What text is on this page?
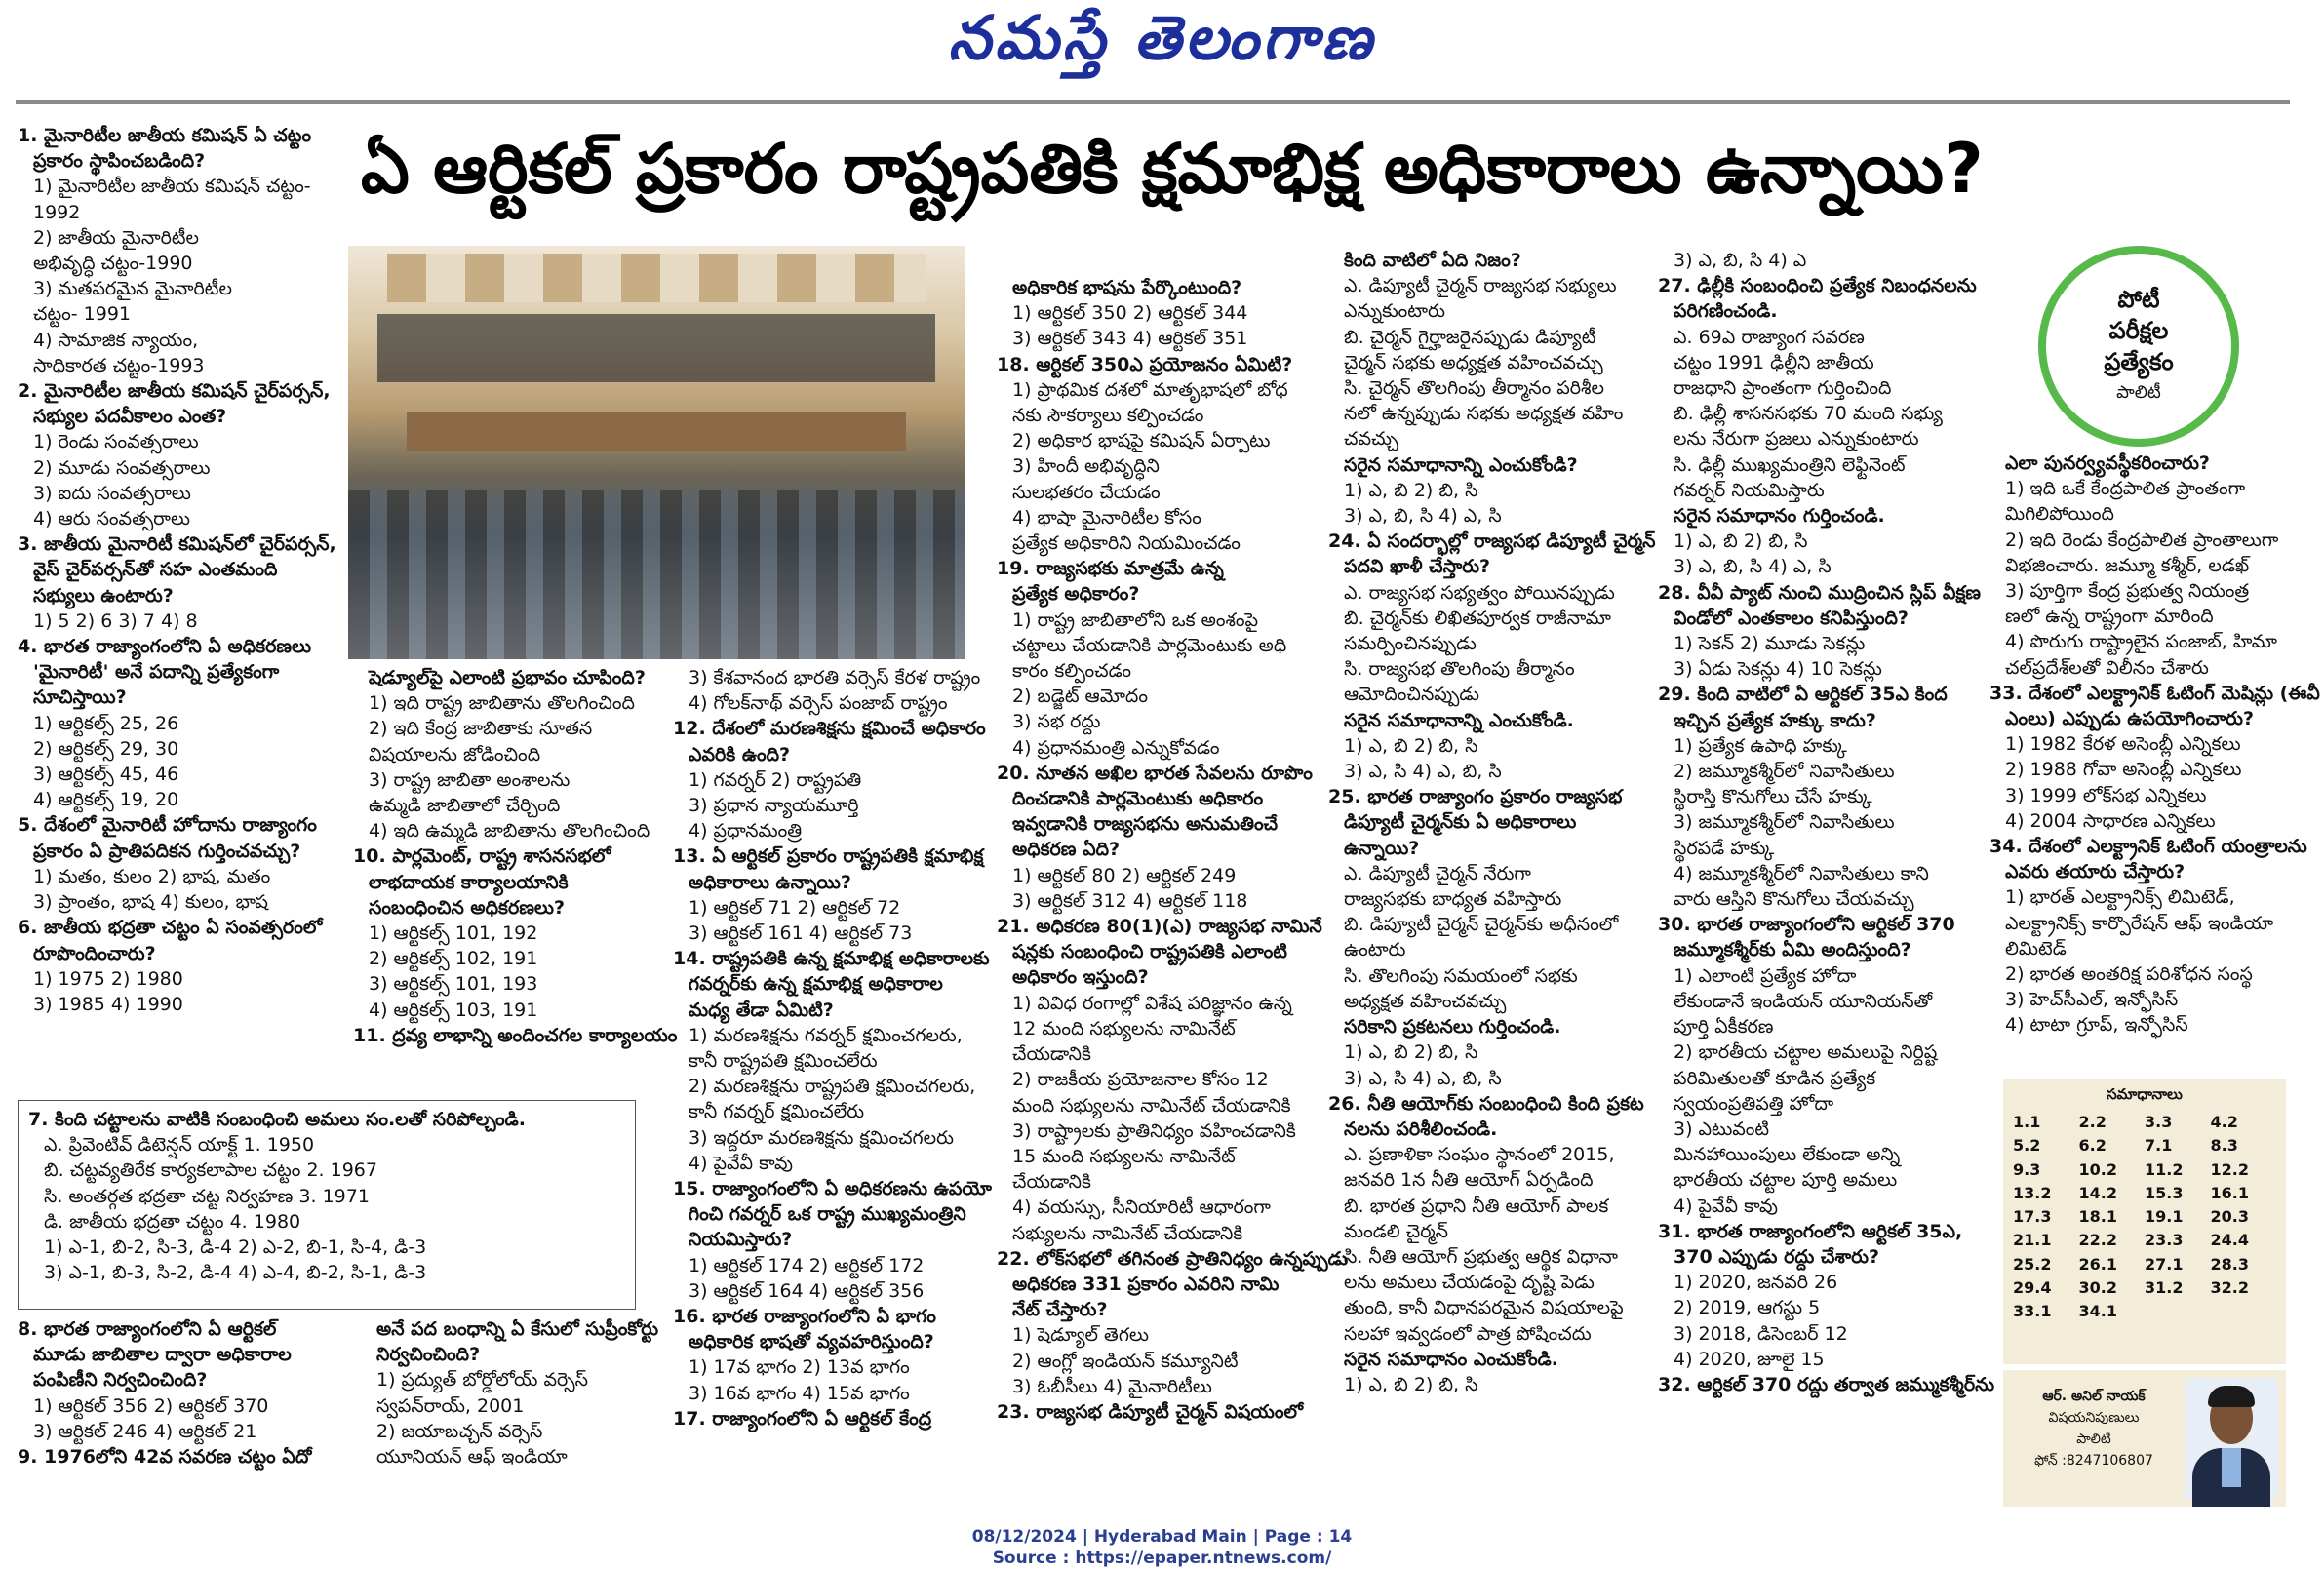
నమస్తే తెలంగాణ
ఏ ఆర్టికల్ ప్రకారం రాష్ట్రపతికి క్షమాభిక్ష అధికారాలు ఉన్నాయి?

1. మైనారిటీల జాతీయ కమిషన్ ఏ చట్టం

ప్రకారం స్థాపించబడింది?

1) మైనారిటీల జాతీయ కమిషన్ చట్టం-

1992

2) జాతీయ మైనారిటీల

అభివృద్ధి చట్టం-1990

3) మతపరమైన మైనారిటీల

చట్టం- 1991

4) సామాజిక న్యాయం,

సాధికారత చట్టం-1993

2. మైనారిటీల జాతీయ కమిషన్ చైర్‌పర్సన్,

సభ్యుల పదవీకాలం ఎంత?

1) రెండు సంవత్సరాలు

2) మూడు సంవత్సరాలు

3) ఐదు సంవత్సరాలు

4) ఆరు సంవత్సరాలు

3. జాతీయ మైనారిటీ కమిషన్‌లో చైర్‌పర్సన్,

వైస్ చైర్‌పర్సన్‌తో సహ ఎంతమంది

సభ్యులు ఉంటారు?

1) 5 2) 6 3) 7 4) 8

4. భారత రాజ్యాంగంలోని ఏ అధికరణలు

'మైనారిటీ' అనే పదాన్ని ప్రత్యేకంగా

సూచిస్తాయి?

1) ఆర్టికల్స్ 25, 26

2) ఆర్టికల్స్ 29, 30

3) ఆర్టికల్స్ 45, 46

4) ఆర్టికల్స్ 19, 20

5. దేశంలో మైనారిటీ హోదాను రాజ్యాంగం

ప్రకారం ఏ ప్రాతిపదికన గుర్తించవచ్చు?

1) మతం, కులం 2) భాష, మతం

3) ప్రాంతం, భాష 4) కులం, భాష

6. జాతీయ భద్రతా చట్టం ఏ సంవత్సరంలో

రూపొందించారు?

1) 1975 2) 1980

3) 1985 4) 1990

7. కింది చట్టాలను వాటికి సంబంధించి అమలు సం.లతో సరిపోల్చండి.

ఎ. ప్రివెంటివ్ డిటెన్షన్ యాక్ట్ 1. 1950

బి. చట్టవ్యతిరేక కార్యకలాపాల చట్టం 2. 1967

సి. అంతర్గత భద్రతా చట్ట నిర్వహణ 3. 1971

డి. జాతీయ భద్రతా చట్టం 4. 1980

1) ఎ-1, బి-2, సి-3, డి-4 2) ఎ-2, బి-1, సి-4, డి-3

3) ఎ-1, బి-3, సి-2, డి-4 4) ఎ-4, బి-2, సి-1, డి-3

8. భారత రాజ్యాంగంలోని ఏ ఆర్టికల్

మూడు జాబితాల ద్వారా అధికారాల

పంపిణీని నిర్వచించింది?

1) ఆర్టికల్ 356 2) ఆర్టికల్ 370

3) ఆర్టికల్ 246 4) ఆర్టికల్ 21

9. 1976లోని 42వ సవరణ చట్టం ఏదో

షెడ్యూల్‌పై ఎలాంటి ప్రభావం చూపింది?

1) ఇది రాష్ట్ర జాబితాను తొలగించింది

2) ఇది కేంద్ర జాబితాకు నూతన

విషయాలను జోడించింది

3) రాష్ట్ర జాబితా అంశాలను

ఉమ్మడి జాబితాలో చేర్చింది

4) ఇది ఉమ్మడి జాబితాను తొలగించింది

10. పార్లమెంట్, రాష్ట్ర శాసనసభలో

లాభదాయక కార్యాలయానికి

సంబంధించిన అధికరణలు?

1) ఆర్టికల్స్ 101, 192

2) ఆర్టికల్స్ 102, 191

3) ఆర్టికల్స్ 101, 193

4) ఆర్టికల్స్ 103, 191

11. ద్రవ్య లాభాన్ని అందించగల కార్యాలయం

అనే పద బంధాన్ని ఏ కేసులో సుప్రీంకోర్టు

నిర్వచించింది?

1) ప్రద్యుత్ బోర్డోలోయ్ వర్సెస్

స్వపన్‌రాయ్, 2001

2) జయాబచ్చన్ వర్సెస్

యూనియన్ ఆఫ్ ఇండియా

3) కేశవానంద భారతి వర్సెస్ కేరళ రాష్ట్రం

4) గోలక్‌నాథ్ వర్సెస్ పంజాబ్ రాష్ట్రం

12. దేశంలో మరణశిక్షను క్షమించే అధికారం

ఎవరికి ఉంది?

1) గవర్నర్ 2) రాష్ట్రపతి

3) ప్రధాన న్యాయమూర్తి

4) ప్రధానమంత్రి

13. ఏ ఆర్టికల్ ప్రకారం రాష్ట్రపతికి క్షమాభిక్ష

అధికారాలు ఉన్నాయి?

1) ఆర్టికల్ 71 2) ఆర్టికల్ 72

3) ఆర్టికల్ 161 4) ఆర్టికల్ 73

14. రాష్ట్రపతికి ఉన్న క్షమాభిక్ష అధికారాలకు

గవర్నర్‌కు ఉన్న క్షమాభిక్ష అధికారాల

మధ్య తేడా ఏమిటి?

1) మరణశిక్షను గవర్నర్ క్షమించగలరు,

కానీ రాష్ట్రపతి క్షమించలేరు

2) మరణశిక్షను రాష్ట్రపతి క్షమించగలరు,

కానీ గవర్నర్ క్షమించలేరు

3) ఇద్దరూ మరణశిక్షను క్షమించగలరు

4) పైవేవీ కావు

15. రాజ్యాంగంలోని ఏ అధికరణను ఉపయో

గించి గవర్నర్ ఒక రాష్ట్ర ముఖ్యమంత్రిని

నియమిస్తారు?

1) ఆర్టికల్ 174 2) ఆర్టికల్ 172

3) ఆర్టికల్ 164 4) ఆర్టికల్ 356

16. భారత రాజ్యాంగంలోని ఏ భాగం

అధికారిక భాషతో వ్యవహరిస్తుంది?

1) 17వ భాగం 2) 13వ భాగం

3) 16వ భాగం 4) 15వ భాగం

17. రాజ్యాంగంలోని ఏ ఆర్టికల్ కేంద్ర

అధికారిక భాషను పేర్కొంటుంది?

1) ఆర్టికల్ 350 2) ఆర్టికల్ 344

3) ఆర్టికల్ 343 4) ఆర్టికల్ 351

18. ఆర్టికల్ 350ఎ ప్రయోజనం ఏమిటి?

1) ప్రాథమిక దశలో మాతృభాషలో బోధ

నకు సౌకర్యాలు కల్పించడం

2) అధికార భాషపై కమిషన్ ఏర్పాటు

3) హిందీ అభివృద్ధిని

సులభతరం చేయడం

4) భాషా మైనారిటీల కోసం

ప్రత్యేక అధికారిని నియమించడం

19. రాజ్యసభకు మాత్రమే ఉన్న

ప్రత్యేక అధికారం?

1) రాష్ట్ర జాబితాలోని ఒక అంశంపై

చట్టాలు చేయడానికి పార్లమెంటుకు అధి

కారం కల్పించడం

2) బడ్జెట్ ఆమోదం

3) సభ రద్దు

4) ప్రధానమంత్రి ఎన్నుకోవడం

20. నూతన అఖిల భారత సేవలను రూపొం

దించడానికి పార్లమెంటుకు అధికారం

ఇవ్వడానికి రాజ్యసభను అనుమతించే

అధికరణ ఏది?

1) ఆర్టికల్ 80 2) ఆర్టికల్ 249

3) ఆర్టికల్ 312 4) ఆర్టికల్ 118

21. అధికరణ 80(1)(ఎ) రాజ్యసభ నామినే

షన్లకు సంబంధించి రాష్ట్రపతికి ఎలాంటి

అధికారం ఇస్తుంది?

1) వివిధ రంగాల్లో విశేష పరిజ్ఞానం ఉన్న

12 మంది సభ్యులను నామినేట్

చేయడానికి

2) రాజకీయ ప్రయోజనాల కోసం 12

మంది సభ్యులను నామినేట్ చేయడానికి

3) రాష్ట్రాలకు ప్రాతినిధ్యం వహించడానికి

15 మంది సభ్యులను నామినేట్

చేయడానికి

4) వయస్సు, సీనియారిటీ ఆధారంగా

సభ్యులను నామినేట్ చేయడానికి

22. లోక్‌సభలో తగినంత ప్రాతినిధ్యం ఉన్నప్పుడు

అధికరణ 331 ప్రకారం ఎవరిని నామి

నేట్ చేస్తారు?

1) షెడ్యూల్ తెగలు

2) ఆంగ్లో ఇండియన్ కమ్యూనిటీ

3) ఓబీసీలు 4) మైనారిటీలు

23. రాజ్యసభ డిప్యూటీ చైర్మన్ విషయంలో

కింది వాటిలో ఏది నిజం?

ఎ. డిప్యూటీ చైర్మన్ రాజ్యసభ సభ్యులు

ఎన్నుకుంటారు

బి. చైర్మన్ గైర్హాజరైనప్పుడు డిప్యూటీ

చైర్మన్ సభకు అధ్యక్షత వహించవచ్చు

సి. చైర్మన్ తొలగింపు తీర్మానం పరిశీల

నలో ఉన్నప్పుడు సభకు అధ్యక్షత వహిం

చవచ్చు

సరైన సమాధానాన్ని ఎంచుకోండి?

1) ఎ, బి 2) బి, సి

3) ఎ, బి, సి 4) ఎ, సి

24. ఏ సందర్భాల్లో రాజ్యసభ డిప్యూటీ చైర్మన్

పదవి ఖాళీ చేస్తారు?

ఎ. రాజ్యసభ సభ్యత్వం పోయినప్పుడు

బి. చైర్మన్‌కు లిఖితపూర్వక రాజీనామా

సమర్పించినప్పుడు

సి. రాజ్యసభ తొలగింపు తీర్మానం

ఆమోదించినప్పుడు

సరైన సమాధానాన్ని ఎంచుకోండి.

1) ఎ, బి 2) బి, సి

3) ఎ, సి 4) ఎ, బి, సి

25. భారత రాజ్యాంగం ప్రకారం రాజ్యసభ

డిప్యూటీ చైర్మన్‌కు ఏ అధికారాలు

ఉన్నాయి?

ఎ. డిప్యూటీ చైర్మన్ నేరుగా

రాజ్యసభకు బాధ్యత వహిస్తారు

బి. డిప్యూటీ చైర్మన్ చైర్మన్‌కు అధీనంలో

ఉంటారు

సి. తొలగింపు సమయంలో సభకు

అధ్యక్షత వహించవచ్చు

సరికాని ప్రకటనలు గుర్తించండి.

1) ఎ, బి 2) బి, సి

3) ఎ, సి 4) ఎ, బి, సి

26. నీతి ఆయోగ్‌కు సంబంధించి కింది ప్రకట

నలను పరిశీలించండి.

ఎ. ప్రణాళికా సంఘం స్థానంలో 2015,

జనవరి 1న నీతి ఆయోగ్ ఏర్పడింది

బి. భారత ప్రధాని నీతి ఆయోగ్ పాలక

మండలి చైర్మన్

సి. నీతి ఆయోగ్ ప్రభుత్వ ఆర్థిక విధానా

లను అమలు చేయడంపై దృష్టి పెడు

తుంది, కానీ విధానపరమైన విషయాలపై

సలహా ఇవ్వడంలో పాత్ర పోషించదు

సరైన సమాధానం ఎంచుకోండి.

1) ఎ, బి 2) బి, సి

3) ఎ, బి, సి 4) ఎ

27. ఢిల్లీకి సంబంధించి ప్రత్యేక నిబంధనలను

పరిగణించండి.

ఎ. 69ఎ రాజ్యాంగ సవరణ

చట్టం 1991 ఢిల్లీని జాతీయ

రాజధాని ప్రాంతంగా గుర్తించింది

బి. ఢిల్లీ శాసనసభకు 70 మంది సభ్యు

లను నేరుగా ప్రజలు ఎన్నుకుంటారు

సి. ఢిల్లీ ముఖ్యమంత్రిని లెఫ్టినెంట్

గవర్నర్ నియమిస్తారు

సరైన సమాధానం గుర్తించండి.

1) ఎ, బి 2) బి, సి

3) ఎ, బి, సి 4) ఎ, సి

28. వీవీ ప్యాట్ నుంచి ముద్రించిన స్లిప్ వీక్షణ

విండోలో ఎంతకాలం కనిపిస్తుంది?

1) సెకన్ 2) మూడు సెకన్లు

3) ఏడు సెకన్లు 4) 10 సెకన్లు

29. కింది వాటిలో ఏ ఆర్టికల్ 35ఎ కింద

ఇచ్చిన ప్రత్యేక హక్కు కాదు?

1) ప్రత్యేక ఉపాధి హక్కు

2) జమ్మూకశ్మీర్‌లో నివాసితులు

స్థిరాస్తి కొనుగోలు చేసే హక్కు

3) జమ్మూకశ్మీర్‌లో నివాసితులు

స్థిరపడే హక్కు

4) జమ్మూకశ్మీర్‌లో నివాసితులు కాని

వారు ఆస్తిని కొనుగోలు చేయవచ్చు

30. భారత రాజ్యాంగంలోని ఆర్టికల్ 370

జమ్మూకశ్మీర్‌కు ఏమి అందిస్తుంది?

1) ఎలాంటి ప్రత్యేక హోదా

లేకుండానే ఇండియన్ యూనియన్‌తో

పూర్తి ఏకీకరణ

2) భారతీయ చట్టాల అమలుపై నిర్దిష్ట

పరిమితులతో కూడిన ప్రత్యేక

స్వయంప్రతిపత్తి హోదా

3) ఎటువంటి

మినహాయింపులు లేకుండా అన్ని

భారతీయ చట్టాల పూర్తి అమలు

4) పైవేవీ కావు

31. భారత రాజ్యాంగంలోని ఆర్టికల్ 35ఎ,

370 ఎప్పుడు రద్దు చేశారు?

1) 2020, జనవరి 26

2) 2019, ఆగస్టు 5

3) 2018, డిసెంబర్ 12

4) 2020, జూలై 15

32. ఆర్టికల్ 370 రద్దు తర్వాత జమ్ముకశ్మీర్‌ను

పోటీ
పరీక్షల
ప్రత్యేకం
పాలిటీ

ఎలా పునర్వ్యవస్థీకరించారు?

1) ఇది ఒకే కేంద్రపాలిత ప్రాంతంగా

మిగిలిపోయింది

2) ఇది రెండు కేంద్రపాలిత ప్రాంతాలుగా

విభజించారు. జమ్మూ కశ్మీర్, లడఖ్

3) పూర్తిగా కేంద్ర ప్రభుత్వ నియంత్ర

ణలో ఉన్న రాష్ట్రంగా మారింది

4) పొరుగు రాష్ట్రాలైన పంజాబ్, హిమా

చల్‌ప్రదేశ్‌లతో విలీనం చేశారు

33. దేశంలో ఎలక్ట్రానిక్ ఓటింగ్ మెషిన్లు (ఈవీ

ఎంలు) ఎప్పుడు ఉపయోగించారు?

1) 1982 కేరళ అసెంబ్లీ ఎన్నికలు

2) 1988 గోవా అసెంబ్లీ ఎన్నికలు

3) 1999 లోక్‌సభ ఎన్నికలు

4) 2004 సాధారణ ఎన్నికలు

34. దేశంలో ఎలక్ట్రానిక్ ఓటింగ్ యంత్రాలను

ఎవరు తయారు చేస్తారు?

1) భారత్ ఎలక్ట్రానిక్స్ లిమిటెడ్,

ఎలక్ట్రానిక్స్ కార్పొరేషన్ ఆఫ్ ఇండియా

లిమిటెడ్

2) భారత అంతరిక్ష పరిశోధన సంస్థ

3) హెచ్‌సీఎల్, ఇన్ఫోసిస్

4) టాటా గ్రూప్, ఇన్ఫోసిస్

సమాధానాలు
1.1	2.2	3.3	4.2
5.2	6.2	7.1	8.3
9.3	10.2	11.2	12.2
13.2	14.2	15.3	16.1
17.3	18.1	19.1	20.3
21.1	22.2	23.3	24.4
25.2	26.1	27.1	28.3
29.4	30.2	31.2	32.2
33.1	34.1
ఆర్. అనిల్ నాయక్
విషయనిపుణులు
పాలిటీ
ఫోన్ :8247106807
08/12/2024 | Hyderabad Main | Page : 14
Source : https://epaper.ntnews.com/
